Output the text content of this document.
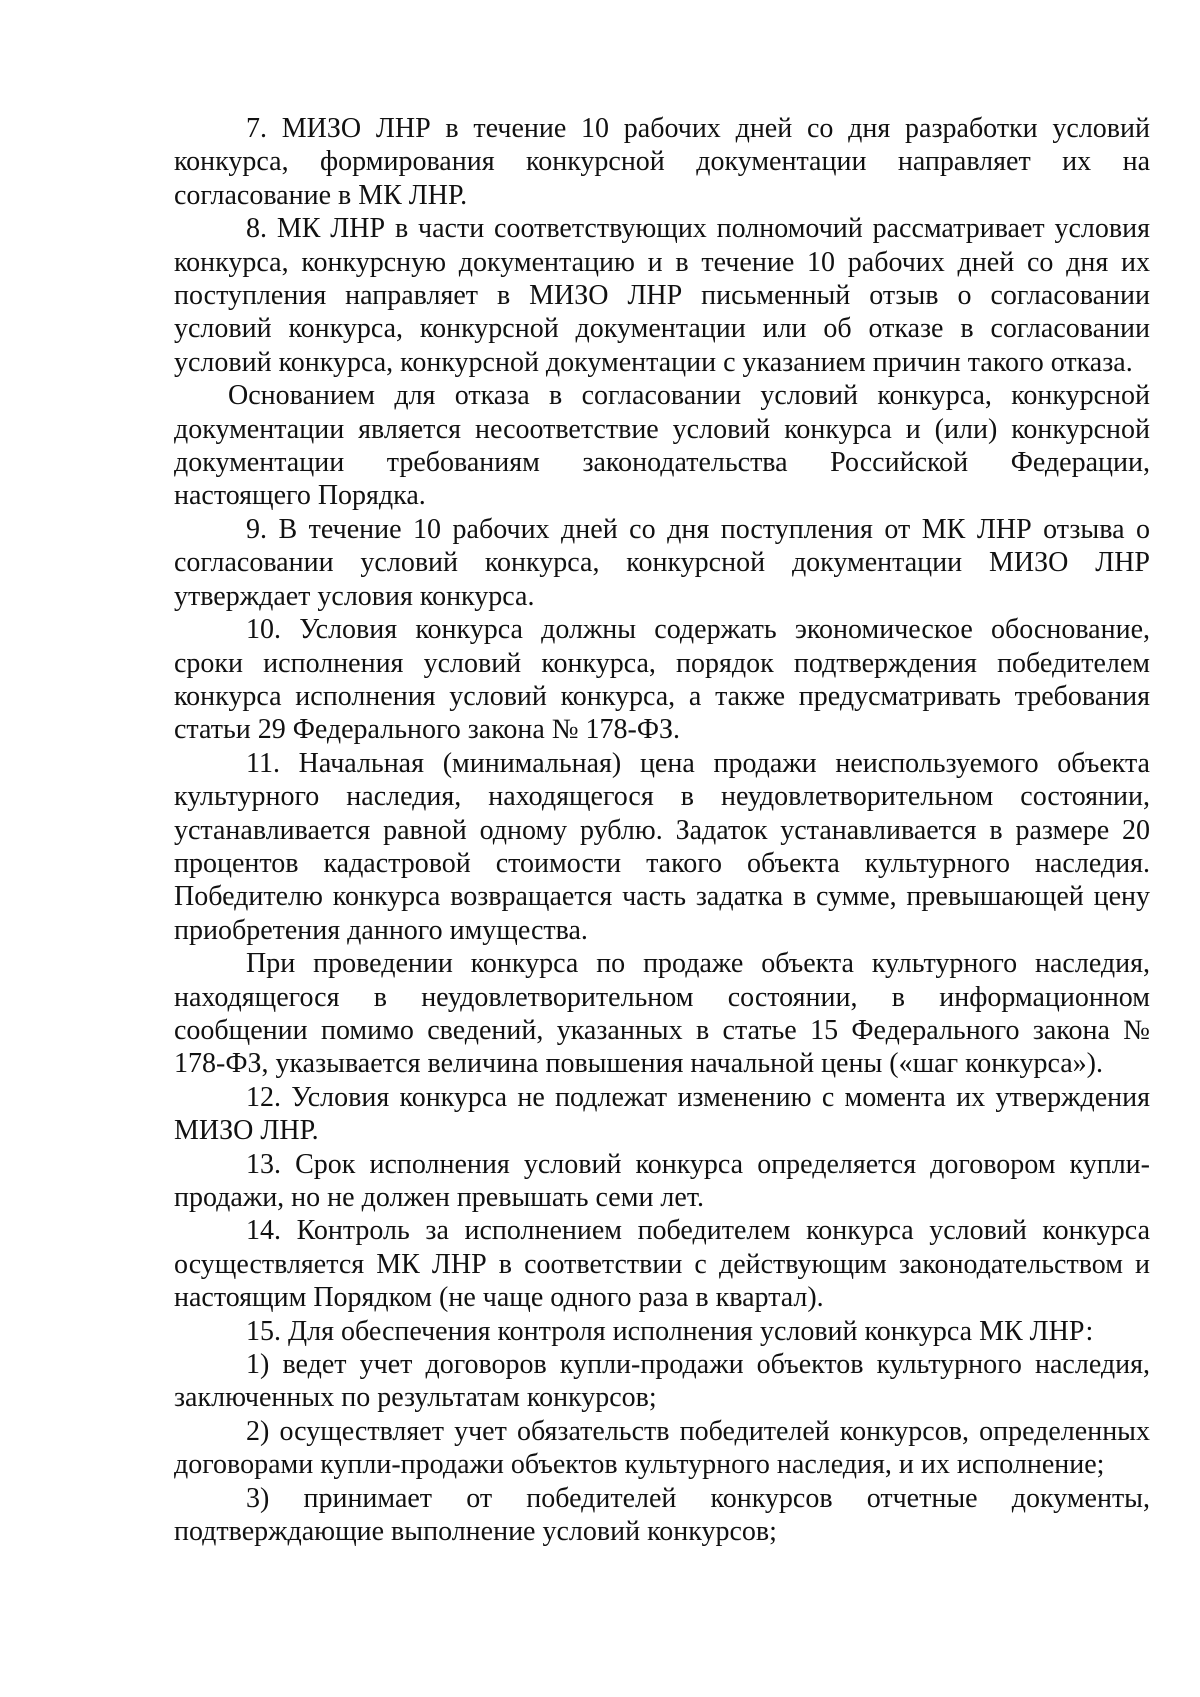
7. МИЗО ЛНР в течение 10 рабочих дней со дня разработки условий конкурса, формирования конкурсной документации направляет их на согласование в МК ЛНР.

8. МК ЛНР в части соответствующих полномочий рассматривает условия конкурса, конкурсную документацию и в течение 10 рабочих дней со дня их поступления направляет в МИЗО ЛНР письменный отзыв о согласовании условий конкурса, конкурсной документации или об отказе в согласовании условий конкурса, конкурсной документации с указанием причин такого отказа.

Основанием для отказа в согласовании условий конкурса, конкурсной документации является несоответствие условий конкурса и (или) конкурсной документации требованиям законодательства Российской Федерации, настоящего Порядка.

9. В течение 10 рабочих дней со дня поступления от МК ЛНР отзыва о согласовании условий конкурса, конкурсной документации МИЗО ЛНР утверждает условия конкурса.

10. Условия конкурса должны содержать экономическое обоснование, сроки исполнения условий конкурса, порядок подтверждения победителем конкурса исполнения условий конкурса, а также предусматривать требования статьи 29 Федерального закона № 178-ФЗ.

11. Начальная (минимальная) цена продажи неиспользуемого объекта культурного наследия, находящегося в неудовлетворительном состоянии, устанавливается равной одному рублю. Задаток устанавливается в размере 20 процентов кадастровой стоимости такого объекта культурного наследия. Победителю конкурса возвращается часть задатка в сумме, превышающей цену приобретения данного имущества.

При проведении конкурса по продаже объекта культурного наследия, находящегося в неудовлетворительном состоянии, в информационном сообщении помимо сведений, указанных в статье 15 Федерального закона № 178-ФЗ, указывается величина повышения начальной цены («шаг конкурса»).

12. Условия конкурса не подлежат изменению с момента их утверждения МИЗО ЛНР.

13. Срок исполнения условий конкурса определяется договором купли-продажи, но не должен превышать семи лет.

14. Контроль за исполнением победителем конкурса условий конкурса осуществляется МК ЛНР в соответствии с действующим законодательством и настоящим Порядком (не чаще одного раза в квартал).

15. Для обеспечения контроля исполнения условий конкурса МК ЛНР:

1) ведет учет договоров купли-продажи объектов культурного наследия, заключенных по результатам конкурсов;

2) осуществляет учет обязательств победителей конкурсов, определенных договорами купли-продажи объектов культурного наследия, и их исполнение;

3) принимает от победителей конкурсов отчетные документы, подтверждающие выполнение условий конкурсов;
